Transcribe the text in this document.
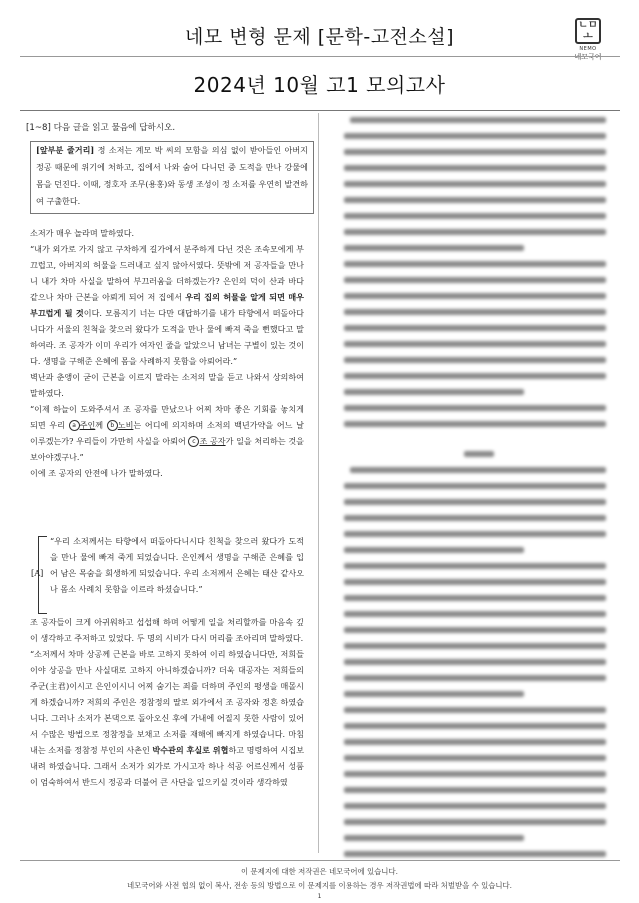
네모 변형 문제 [문학-고전소설]
2024년 10월 고1 모의고사
ㄴㅁ
ㅗ
NEMO
네모국어
[1~8] 다음 글을 읽고 물음에 답하시오.
[앞부분 줄거리] 정 소저는 계모 박 씨의 모함을 의심 없이 받아들인 아버지 정공 때문에 위기에 처하고, 집에서 나와 숨어 다니던 중 도적을 만나 강물에 몸을 던진다. 이때, 정호자 조무(용홍)와 동생 조성이 정 소저를 우연히 발견하여 구출한다.

소저가 매우 놀라며 말하였다.

“내가 외가로 가지 않고 구차하게 길가에서 분주하게 다닌 것은 조속모에게 부끄럽고, 아버지의 허물을 드러내고 싶지 않아서였다. 뜻밖에 저 공자들을 만나니 내가 차마 사실을 말하여 부끄러움을 더하겠는가? 은인의 덕이 산과 바다 같으나 차마 근본을 아뢰게 되어 저 집에서 우리 집의 허물을 알게 되면 매우 부끄럽게 될 것이다. 모름지기 너는 다만 대답하기를 내가 타향에서 떠돌아다니다가 서울의 친척을 찾으러 왔다가 도적을 만나 물에 빠져 죽을 뻔했다고 말하여라. 조 공자가 이미 우리가 여자인 줄을 알았으니 남녀는 구별이 있는 것이다. 생명을 구해준 은혜에 몸을 사례하지 못함을 아뢰어라.”

벽난과 춘앵이 굳이 근본을 이르지 말라는 소저의 말을 듣고 나와서 상의하여 말하였다.

“이제 하늘이 도와주셔서 조 공자를 만났으나 어찌 차마 좋은 기회를 놓치게 되면 우리 a 주인께 b 노비는 어디에 의지하며 소저의 백년가약을 어느 날 이루겠는가? 우리들이 가만히 사실을 아뢰어 c 조 공자가 일을 처리하는 것을 보아야겠구나.”

이에 조 공자의 안전에 나가 말하였다.

[A]
“우리 소저께서는 타향에서 떠돌아다니시다 친척을 찾으러 왔다가 도적을 만나 물에 빠져 죽게 되었습니다. 은인께서 생명을 구해준 은혜를 입어 남은 목숨을 회생하게 되었습니다. 우리 소저께서 은혜는 태산 같사오나 몸소 사례치 못함을 이르라 하셨습니다.”

조 공자들이 크게 아귀워하고 섭섭해 하며 어떻게 일을 처리할까를 마음속 깊이 생각하고 주저하고 있었다. 두 명의 시비가 다시 머리를 조아리며 말하였다.

“소저께서 차마 상공께 근본을 바로 고하지 못하여 이리 하였습니다만, 저희들이야 상공을 만나 사실대로 고하지 아니하겠습니까? 더욱 대공자는 저희들의 주군(主君)이시고 은인이시니 어찌 숨기는 죄를 더하며 주인의 평생을 매몰시게 하겠습니까? 저희의 주인은 정참정의 딸로 외가에서 조 공자와 정혼 하였습니다. 그러나 소저가 본댁으로 돌아오신 후에 가내에 어질지 못한 사람이 있어서 수많은 방법으로 정참정을 보채고 소저를 재해에 빠지게 하였습니다. 마침내는 소저를 정참정 부인의 사촌인 박수관의 후실로 위협하고 명령하여 시집보내려 하였습니다. 그래서 소저가 외가로 가시고자 하나 석공 어르신께서 성품이 엄숙하여서 반드시 정공과 더불어 큰 사단을 일으키실 것이라 생각하였

이 문제지에 대한 저작권은 네모국어에 있습니다.
네모국어와 사전 협의 없이 복사, 전송 등의 방법으로 이 문제지를 이용하는 경우 저작권법에 따라 처벌받을 수 있습니다.
1
